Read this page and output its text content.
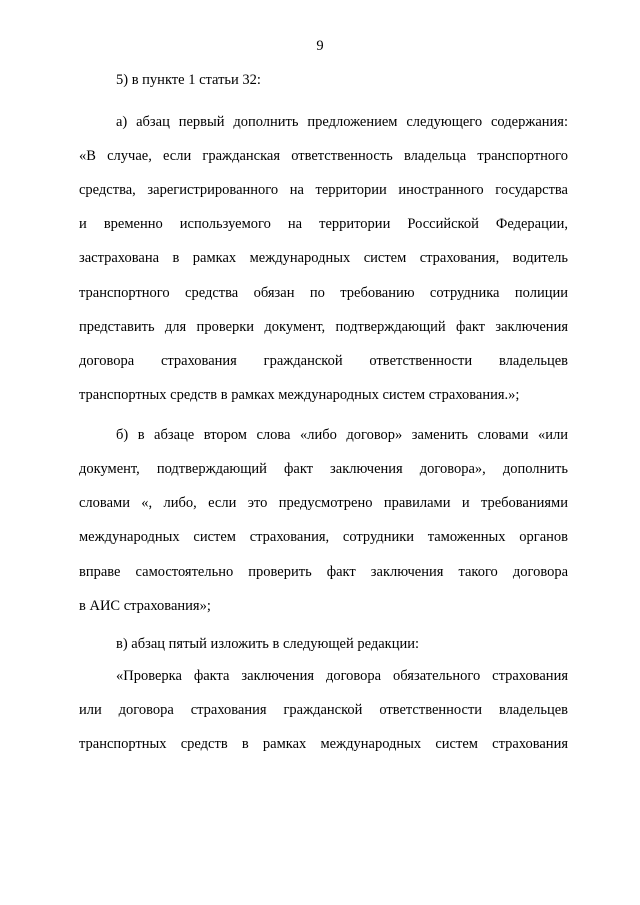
9
5) в пункте 1 статьи 32:
а) абзац первый дополнить предложением следующего содержания:
«В случае, если гражданская ответственность владельца транспортного
средства, зарегистрированного на территории иностранного государства
и временно используемого на территории Российской Федерации,
застрахована в рамках международных систем страхования, водитель
транспортного средства обязан по требованию сотрудника полиции
представить для проверки документ, подтверждающий факт заключения
договора страхования гражданской ответственности владельцев
транспортных средств в рамках международных систем страхования.»;
б) в абзаце втором слова «либо договор» заменить словами «или
документ, подтверждающий факт заключения договора», дополнить
словами «, либо, если это предусмотрено правилами и требованиями
международных систем страхования, сотрудники таможенных органов
вправе самостоятельно проверить факт заключения такого договора
в АИС страхования»;
в) абзац пятый изложить в следующей редакции:
«Проверка факта заключения договора обязательного страхования
или договора страхования гражданской ответственности владельцев
транспортных средств в рамках международных систем страхования
